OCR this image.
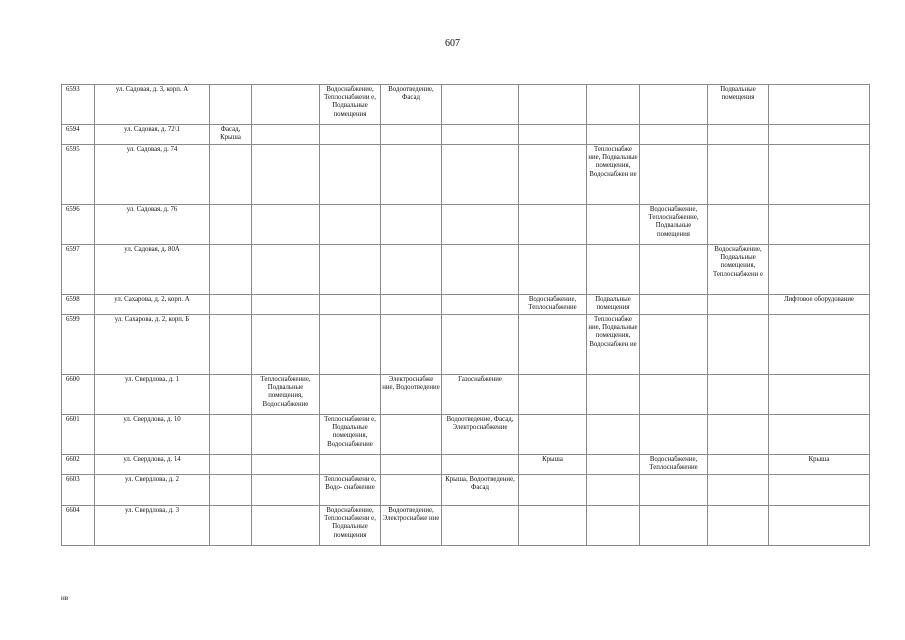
607
6593	ул. Садовая, д. 3, корп. А			Водоснабжение, Теплоснабжени е, Подвальные помещения	Водоотведение, Фасад					Подвальные помещения	
6594	ул. Садовая, д. 72\1	Фасад, Крыша									
6595	ул. Садовая, д. 74							Теплоснабже ние, Подвальные помещения, Водоснабжен ие			
6596	ул. Садовая, д. 76								Водоснабжение, Теплоснабжение, Подвальные помещения		
6597	ул. Садовая, д. 80А									Водоснабжение, Подвальные помещения, Теплоснабжени е	
6598	ул. Сахарова, д. 2, корп. А						Водоснабжение, Теплоснабжение	Подвальные помещения			Лифтовое оборудование
6599	ул. Сахарова, д. 2, корп. Б							Теплоснабже ние, Подвальные помещения, Водоснабжен ие			
6600	ул. Свердлова, д. 1		Теплоснабжение, Подвальные помещения, Водоснабжение		Электроснабже ние, Водоотведение	Газоснабжение					
6601	ул. Свердлова, д. 10			Теплоснабжени е, Подвальные помещения, Водоснабжение		Водоотведение, Фасад, Электроснабжение					
6602	ул. Свердлова, д. 14						Крыша		Водоснабжение, Теплоснабжение		Крыша
6603	ул. Свердлова, д. 2			Теплоснабжени е, Водо- снабжение		Крыша, Водоотведение, Фасад					
6604	ул. Свердлова, д. 3			Водоснабжение, Теплоснабжени е, Подвальные помещения	Водоотведение, Электроснабже ние						
нв
